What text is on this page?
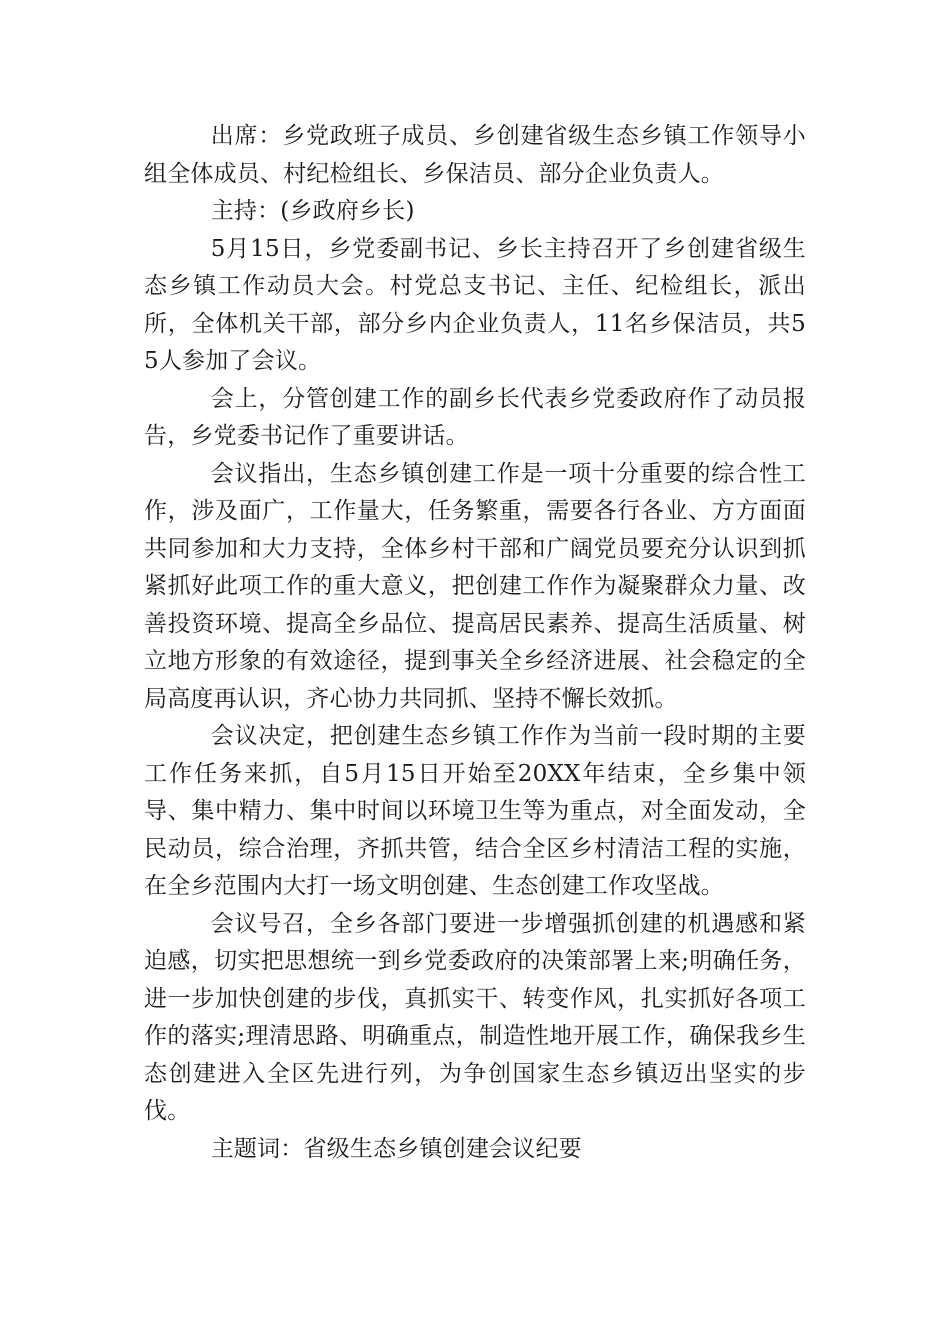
出席：乡党政班子成员、乡创建省级生态乡镇工作领导小组全体成员、村纪检组长、乡保洁员、部分企业负责人。

主持：(乡政府乡长)

5月15日，乡党委副书记、乡长主持召开了乡创建省级生态乡镇工作动员大会。村党总支书记、主任、纪检组长，派出所，全体机关干部，部分乡内企业负责人，11名乡保洁员，共55人参加了会议。

会上，分管创建工作的副乡长代表乡党委政府作了动员报告，乡党委书记作了重要讲话。

会议指出，生态乡镇创建工作是一项十分重要的综合性工作，涉及面广，工作量大，任务繁重，需要各行各业、方方面面共同参加和大力支持，全体乡村干部和广阔党员要充分认识到抓紧抓好此项工作的重大意义，把创建工作作为凝聚群众力量、改善投资环境、提高全乡品位、提高居民素养、提高生活质量、树立地方形象的有效途径，提到事关全乡经济进展、社会稳定的全局高度再认识，齐心协力共同抓、坚持不懈长效抓。

会议决定，把创建生态乡镇工作作为当前一段时期的主要工作任务来抓，自5月15日开始至20XX年结束，全乡集中领导、集中精力、集中时间以环境卫生等为重点，对全面发动，全民动员，综合治理，齐抓共管，结合全区乡村清洁工程的实施，在全乡范围内大打一场文明创建、生态创建工作攻坚战。

会议号召，全乡各部门要进一步增强抓创建的机遇感和紧迫感，切实把思想统一到乡党委政府的决策部署上来;明确任务，进一步加快创建的步伐，真抓实干、转变作风，扎实抓好各项工作的落实;理清思路、明确重点，制造性地开展工作，确保我乡生态创建进入全区先进行列，为争创国家生态乡镇迈出坚实的步伐。

主题词：省级生态乡镇创建会议纪要
